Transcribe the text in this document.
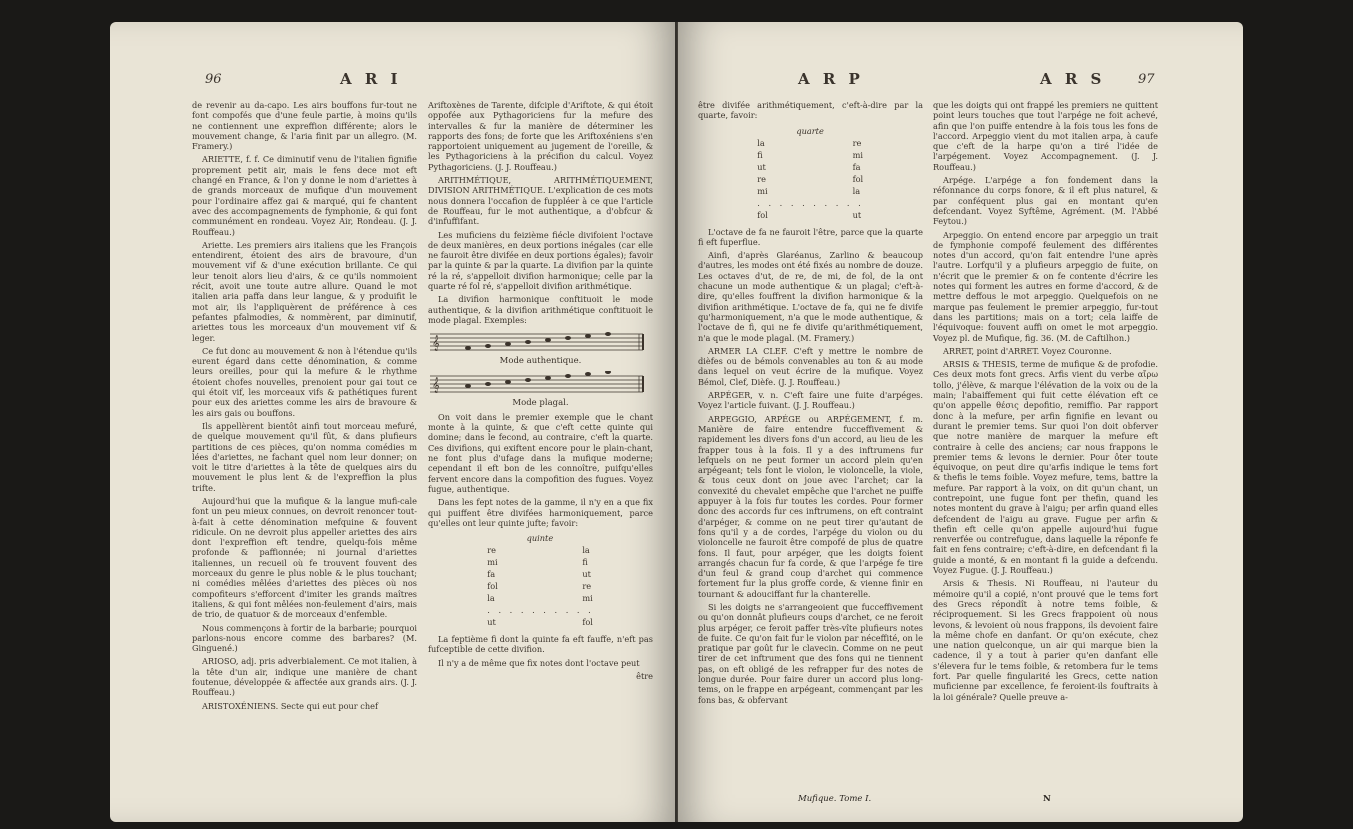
96	A R I

de revenir au da-capo. Les airs bouffons fur-tout ne font compofés que d'une feule partie, à moins qu'ils ne contiennent une expreffion différente; alors le mouvement change, & l'aria finit par un allegro. (M. Framery.)

ARIETTE, f. f. Ce diminutif venu de l'italien fignifie proprement petit air, mais le fens dece mot eft changé en France, & l'on y donne le nom d'ariettes à de grands morceaux de mufique d'un mouvement pour l'ordinaire affez gai & marqué, qui fe chantent avec des accompagnements de fymphonie, & qui font communément en rondeau. Voyez Air, Rondeau. (J. J. Rouffeau.)

Ariette. Les premiers airs italiens que les François entendirent, étoient des airs de bravoure, d'un mouvement vif & d'une exécution brillante. Ce qui leur tenoit alors lieu d'airs, & ce qu'ils nommoient récit, avoit une toute autre allure. Quand le mot italien aria paffa dans leur langue, & y produifit le mot air, ils l'appliquèrent de préférence à ces pefantes pfalmodies, & nommèrent, par diminutif, ariettes tous les morceaux d'un mouvement vif & leger.

Ce fut donc au mouvement & non à l'étendue qu'ils eurent égard dans cette dénomination, & comme leurs oreilles, pour qui la mefure & le rhythme étoient chofes nouvelles, prenoient pour gai tout ce qui étoit vif, les morceaux vifs & pathétiques furent pour eux des ariettes comme les airs de bravoure & les airs gais ou bouffons.

Ils appellèrent bientôt ainfi tout morceau mefuré, de quelque mouvement qu'il fût, & dans plufieurs partitions de ces pièces, qu'on nomma comédies m lées d'ariettes, ne fachant quel nom leur donner; on voit le titre d'ariettes à la tête de quelques airs du mouvement le plus lent & de l'expreffion la plus trifte.

Aujourd'hui que la mufique & la langue mufi-cale font un peu mieux connues, on devroit renoncer tout-à-fait à cette dénomination mefquine & fouvent ridicule. On ne devroit plus appeller ariettes des airs dont l'expreffion eft tendre, quelqu-fois même profonde & paffionnée; ni journal d'ariettes italiennes, un recueil où fe trouvent fouvent des morceaux du genre le plus noble & le plus touchant; ni comédies mêlées d'ariettes des pièces où nos compofiteurs s'efforcent d'imiter les grands maîtres italiens, & qui font mêlées non-feulement d'airs, mais de trio, de quatuor & de morceaux d'enfemble.

Nous commençons à fortir de la barbarie; pourquoi parlons-nous encore comme des barbares? (M. Ginguené.)

ARIOSO, adj. pris adverbialement. Ce mot italien, à la tête d'un air, indique une manière de chant foutenue, développée & affectée aux grands airs. (J. J. Rouffeau.)

ARISTOXÉNIENS. Secte qui eut pour chef

Ariftoxènes de Tarente, difciple d'Ariftote, & qui étoit oppofée aux Pythagoriciens fur la mefure des intervalles & fur la manière de déterminer les rapports des fons; de forte que les Ariftoxéniens s'en rapportoient uniquement au jugement de l'oreille, & les Pythagoriciens à la précifion du calcul. Voyez Pythagoriciens. (J. J. Rouffeau.)

ARITHMÉTIQUE, ARITHMÉTIQUEMENT, DIVISION ARITHMÉTIQUE. L'explication de ces mots nous donnera l'occafion de fuppléer à ce que l'article de Rouffeau, fur le mot authentique, a d'obfcur & d'infuffifant.

Les muficiens du feizième fiécle divifoient l'octave de deux manières, en deux portions inégales (car elle ne fauroit être divifée en deux portions égales); favoir par la quinte & par la quarte. La divifion par la quinte ré la ré, s'appelloit divifion harmonique; celle par la quarte ré fol ré, s'appelloit divifion arithmétique.

La divifion harmonique conftituoit le mode authentique, & la divifion arithmétique conftituoit le mode plagal. Exemples:

𝄞
Mode authentique.
𝄞
Mode plagal.

On voit dans le premier exemple que le chant monte à la quinte, & que c'eft cette quinte qui domine; dans le fecond, au contraire, c'eft la quarte. Ces divifions, qui exiftent encore pour le plain-chant, ne font plus d'ufage dans la mufique moderne; cependant il eft bon de les connoître, puifqu'elles fervent encore dans la compofition des fugues. Voyez fugue, authentique.

Dans les fept notes de la gamme, il n'y en a que fix qui puiffent être divifées harmoniquement, parce qu'elles ont leur quinte jufte; favoir:

	quinte	
re		la
mi		fi
fa		ut
fol		re
la		mi
. . . . . . . . . .		
ut		fol

La feptième fi dont la quinte fa eft fauffe, n'eft pas fufceptible de cette divifion.

Il n'y a de même que fix notes dont l'octave peut

être
A R P	A R S	97

être divifée arithmétiquement, c'eft-à-dire par la quarte, favoir:

	quarte	
la		re
fi		mi
ut		fa
re		fol
mi		la
. . . . . . . . . .		
fol		ut

L'octave de fa ne fauroit l'être, parce que la quarte fi eft fuperflue.

Ainfi, d'après Glaréanus, Zarlino & beaucoup d'autres, les modes ont été fixés au nombre de douze. Les octaves d'ut, de re, de mi, de fol, de la ont chacune un mode authentique & un plagal; c'eft-à-dire, qu'elles fouffrent la divifion harmonique & la divifion arithmétique. L'octave de fa, qui ne fe divife qu'harmoniquement, n'a que le mode authentique, & l'octave de fi, qui ne fe divife qu'arithmétiquement, n'a que le mode plagal. (M. Framery.)

ARMER LA CLEF. C'eft y mettre le nombre de dièfes ou de bémols convenables au ton & au mode dans lequel on veut écrire de la mufique. Voyez Bémol, Clef, Dièfe. (J. J. Rouffeau.)

ARPÉGER, v. n. C'eft faire une fuite d'arpéges. Voyez l'article fuivant. (J. J. Rouffeau.)

ARPEGGIO, ARPÉGE ou ARPÉGEMENT, f. m. Manière de faire entendre fucceffivement & rapidement les divers fons d'un accord, au lieu de les frapper tous à la fois. Il y a des inftrumens fur lefquels on ne peut former un accord plein qu'en arpégeant; tels font le violon, le violoncelle, la viole, & tous ceux dont on joue avec l'archet; car la convexité du chevalet empêche que l'archet ne puiffe appuyer à la fois fur toutes les cordes. Pour former donc des accords fur ces inftrumens, on eft contraint d'arpéger, & comme on ne peut tirer qu'autant de fons qu'il y a de cordes, l'arpége du violon ou du violoncelle ne fauroit être compofé de plus de quatre fons. Il faut, pour arpéger, que les doigts foient arrangés chacun fur fa corde, & que l'arpége fe tire d'un feul & grand coup d'archet qui commence fortement fur la plus groffe corde, & vienne finir en tournant & adouciffant fur la chanterelle.

Si les doigts ne s'arrangeoient que fucceffivement ou qu'on donnât plufieurs coups d'archet, ce ne feroit plus arpéger, ce feroit paffer très-vîte plufieurs notes de fuite. Ce qu'on fait fur le violon par néceffité, on le pratique par goût fur le clavecin. Comme on ne peut tirer de cet inftrument que des fons qui ne tiennent pas, on eft obligé de les refrapper fur des notes de longue durée. Pour faire durer un accord plus long-tems, on le frappe en arpégeant, commençant par les fons bas, & obfervant

Mufique. Tome I.

que les doigts qui ont frappé les premiers ne quittent point leurs touches que tout l'arpége ne foit achevé, afin que l'on puiffe entendre à la fois tous les fons de l'accord. Arpeggio vient du mot italien arpa, à caufe que c'eft de la harpe qu'on a tiré l'idée de l'arpégement. Voyez Accompagnement. (J. J. Rouffeau.)

Arpége. L'arpége a fon fondement dans la réfonnance du corps fonore, & il eft plus naturel, & par conféquent plus gai en montant qu'en defcendant. Voyez Syftême, Agrément. (M. l'Abbé Feytou.)

Arpeggio. On entend encore par arpeggio un trait de fymphonie compofé feulement des différentes notes d'un accord, qu'on fait entendre l'une après l'autre. Lorfqu'il y a plufieurs arpeggio de fuite, on n'écrit que le premier & on fe contente d'écrire les notes qui forment les autres en forme d'accord, & de mettre deffous le mot arpeggio. Quelquefois on ne marque pas feulement le premier arpeggio, fur-tout dans les partitions; mais on a tort; cela laiffe de l'équivoque: fouvent auffi on omet le mot arpeggio. Voyez pl. de Mufique, fig. 36. (M. de Caftilhon.)

ARRET, point d'ARRET. Voyez Couronne.

ARSIS & THESIS, terme de mufique & de profodie. Ces deux mots font grecs. Arfis vient du verbe αἴρω tollo, j'élève, & marque l'élévation de la voix ou de la main; l'abaiffement qui fuit cette élévation eft ce qu'on appelle θέσις depofitio, remiffio. Par rapport donc à la mefure, per arfin fignifie en levant ou durant le premier tems. Sur quoi l'on doit obferver que notre manière de marquer la mefure eft contraire à celle des anciens; car nous frappons le premier tems & levons le dernier. Pour ôter toute équivoque, on peut dire qu'arfis indique le tems fort & thefis le tems foible. Voyez mefure, tems, battre la mefure. Par rapport à la voix, on dit qu'un chant, un contrepoint, une fugue font per thefin, quand les notes montent du grave à l'aigu; per arfin quand elles defcendent de l'aigu au grave. Fugue per arfin & thefin eft celle qu'on appelle aujourd'hui fugue renverfée ou contrefugue, dans laquelle la réponfe fe fait en fens contraire; c'eft-à-dire, en defcendant fi la guide a monté, & en montant fi la guide a defcendu. Voyez Fugue. (J. J. Rouffeau.)

Arsis & Thesis. Ni Rouffeau, ni l'auteur du mémoire qu'il a copié, n'ont prouvé que le tems fort des Grecs répondît à notre tems foible, & réciproquement. Si les Grecs frappoient où nous levons, & levoient où nous frappons, ils devoient faire la même chofe en danfant. Or qu'on exécute, chez une nation quelconque, un air qui marque bien la cadence, il y a tout à parier qu'en danfant elle s'élevera fur le tems foible, & retombera fur le tems fort. Par quelle fingularité les Grecs, cette nation muficienne par excellence, fe feroient-ils fouftraits à la loi générale? Quelle preuve a-

N
